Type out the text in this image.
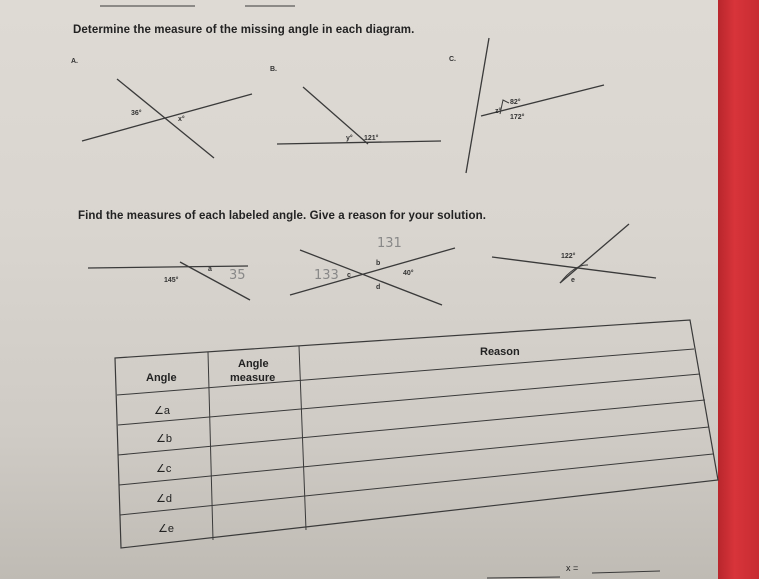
Determine the measure of the missing angle in each diagram.
A.
36°
x°
B.
y° 121°
C.
82°
172°
z°
Find the measures of each labeled angle. Give a reason for your solution.
145°
a 35
131
133
b
c
d
40°
122°
e
Angle
Angle
measure
Reason
∠a
∠b
∠c
∠d
∠e
x =
